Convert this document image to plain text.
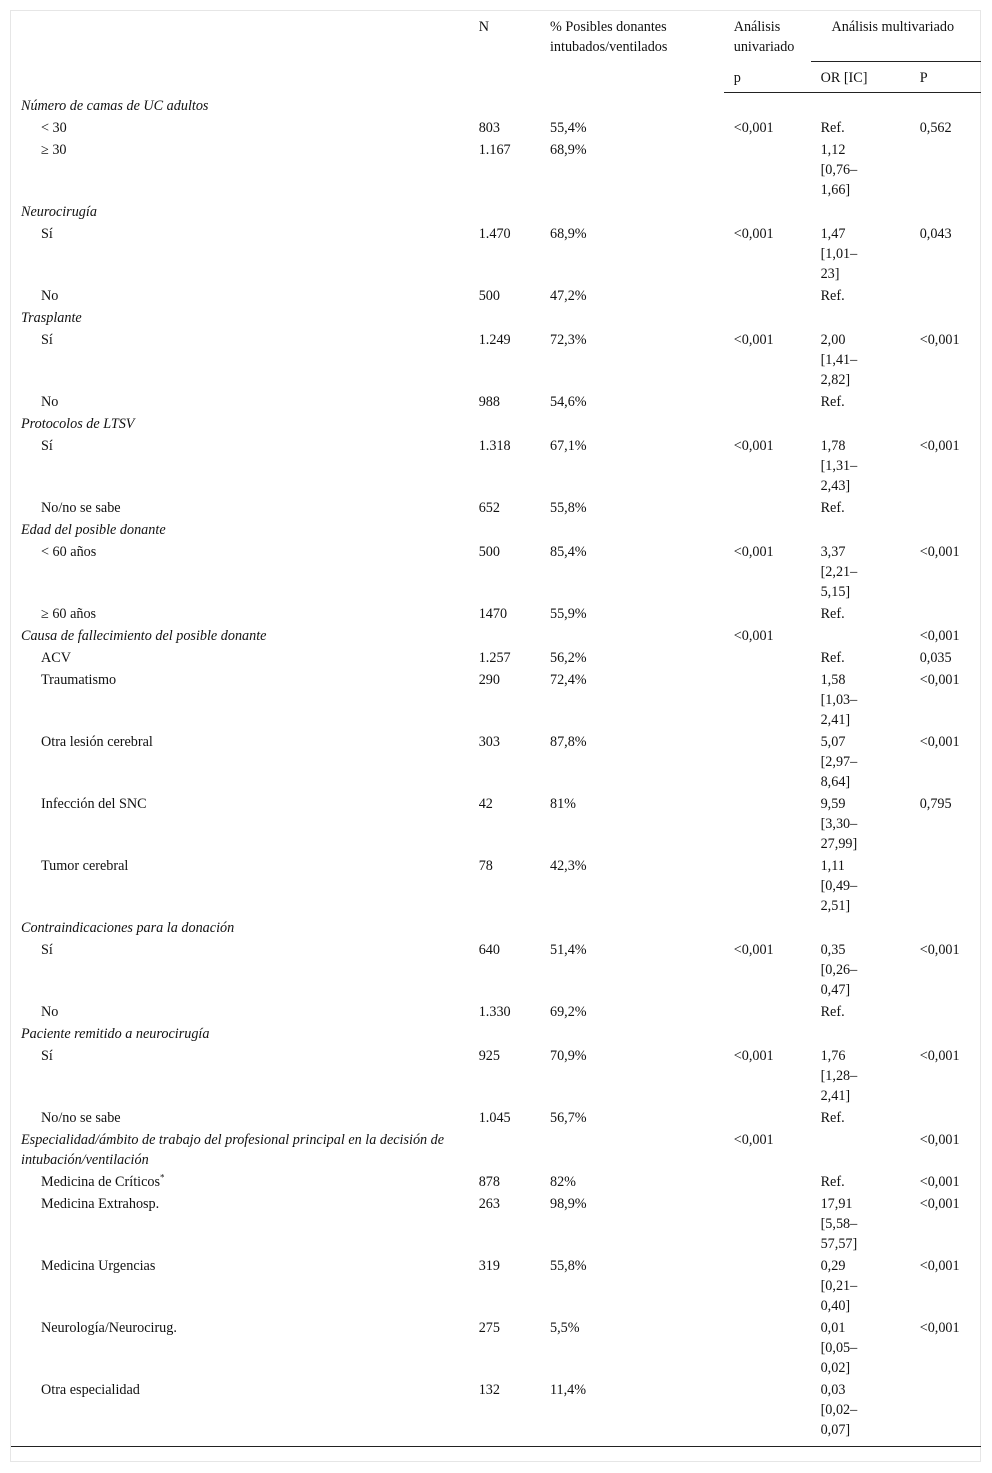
	N	% Posibles donantes intubados/ventilados	Análisis univariado	Análisis multivariado	
			p	OR [IC]	P
Número de camas de UC adultos					
< 30	803	55,4%	<0,001	Ref.	0,562
≥ 30	1.167	68,9%		1,12
[0,76–
1,66]	

Neurocirugía					
Sí	1.470	68,9%	<0,001	1,47
[1,01–
23]	0,043
No	500	47,2%		Ref.	

Trasplante					
Sí	1.249	72,3%	<0,001	2,00
[1,41–
2,82]	<0,001
No	988	54,6%		Ref.	

Protocolos de LTSV					
Sí	1.318	67,1%	<0,001	1,78
[1,31–
2,43]	<0,001
No/no se sabe	652	55,8%		Ref.	

Edad del posible donante					
< 60 años	500	85,4%	<0,001	3,37
[2,21–
5,15]	<0,001
≥ 60 años	1470	55,9%		Ref.	

Causa de fallecimiento del posible donante			<0,001		<0,001
ACV	1.257	56,2%		Ref.	0,035
Traumatismo	290	72,4%		1,58
[1,03–
2,41]	<0,001
Otra lesión cerebral	303	87,8%		5,07
[2,97–
8,64]	<0,001
Infección del SNC	42	81%		9,59
[3,30–
27,99]	0,795
Tumor cerebral	78	42,3%		1,11
[0,49–
2,51]	

Contraindicaciones para la donación					
Sí	640	51,4%	<0,001	0,35
[0,26–
0,47]	<0,001
No	1.330	69,2%		Ref.	

Paciente remitido a neurocirugía					
Sí	925	70,9%	<0,001	1,76
[1,28–
2,41]	<0,001
No/no se sabe	1.045	56,7%		Ref.	

Especialidad/ámbito de trabajo del profesional principal en la decisión de intubación/ventilación			<0,001		<0,001
Medicina de Críticos*	878	82%		Ref.	<0,001
Medicina Extrahosp.	263	98,9%		17,91
[5,58–
57,57]	<0,001
Medicina Urgencias	319	55,8%		0,29
[0,21–
0,40]	<0,001
Neurología/Neurocirug.	275	5,5%		0,01
[0,05–
0,02]	<0,001
Otra especialidad	132	11,4%		0,03
[0,02–
0,07]	
